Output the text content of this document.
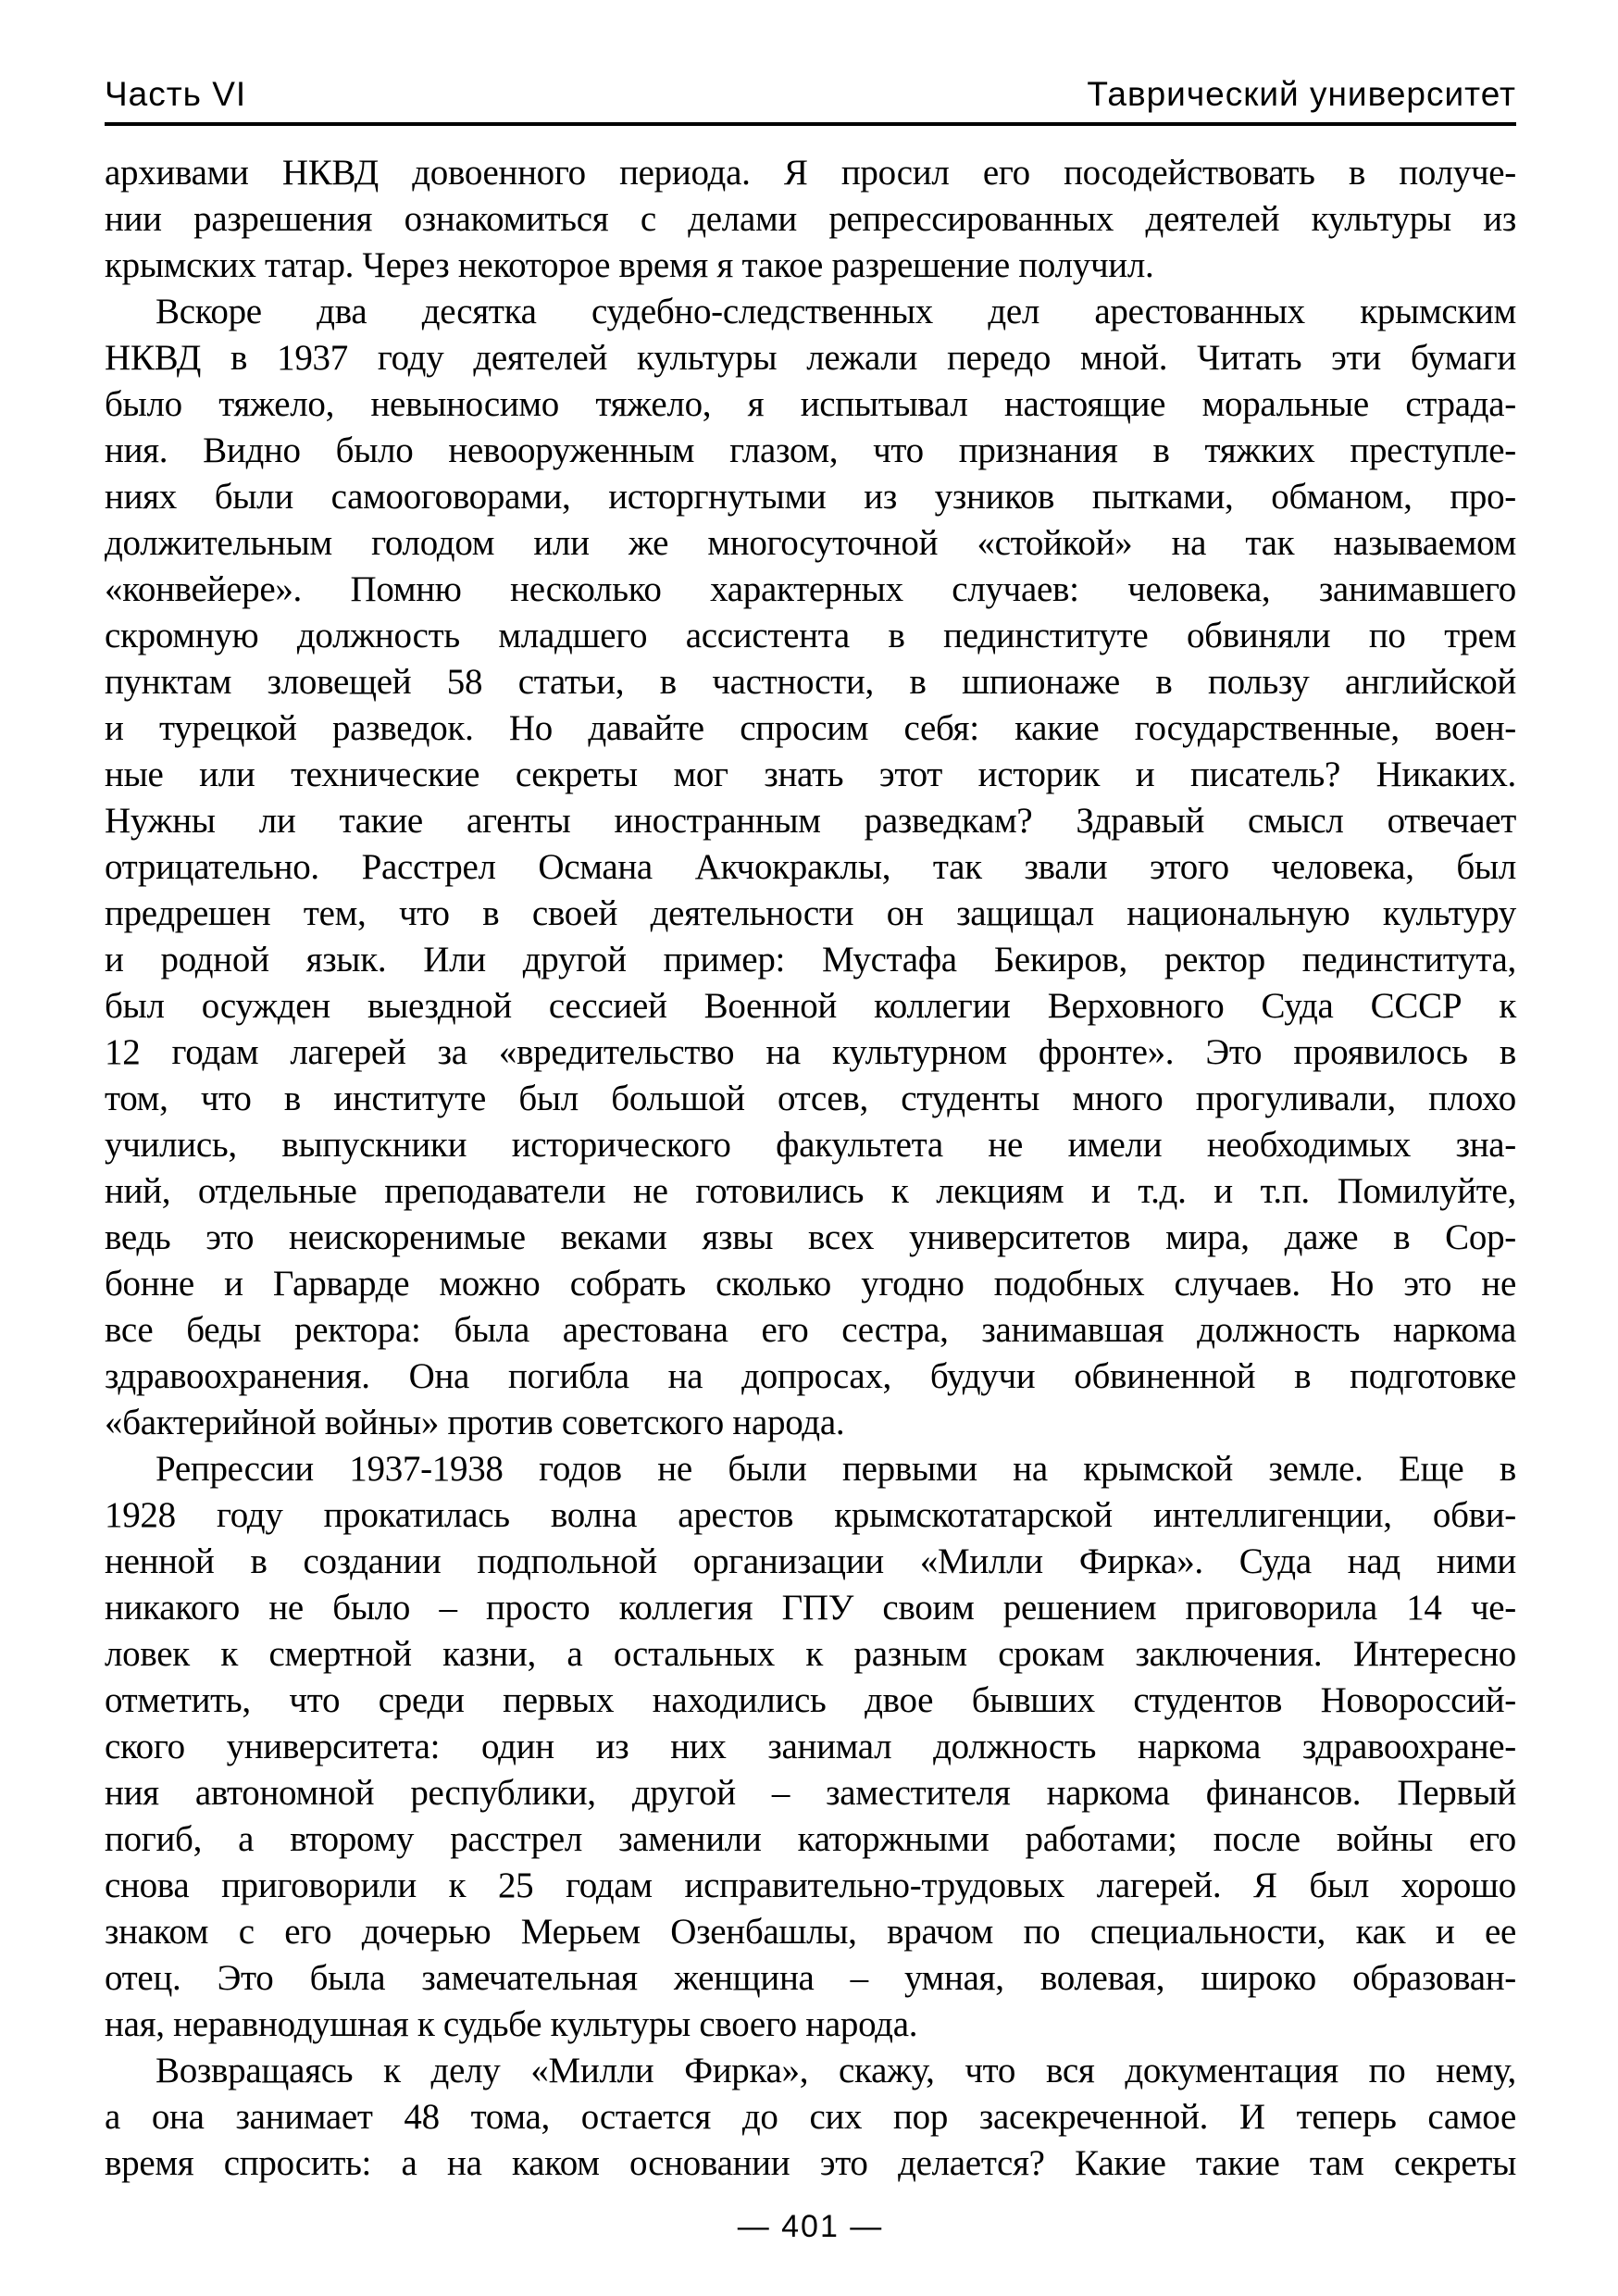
Часть VI	Таврический университет
архивами НКВД довоенного периода. Я просил его посодействовать в получе-
нии разрешения ознакомиться с делами репрессированных деятелей культуры из
крымских татар. Через некоторое время я такое разрешение получил.
Вскоре два десятка судебно-следственных дел арестованных крымским
НКВД в 1937 году деятелей культуры лежали передо мной. Читать эти бумаги
было тяжело, невыносимо тяжело, я испытывал настоящие моральные страда-
ния. Видно было невооруженным глазом, что признания в тяжких преступле-
ниях были самооговорами, исторгнутыми из узников пытками, обманом, про-
должительным голодом или же многосуточной «стойкой» на так называемом
«конвейере». Помню несколько характерных случаев: человека, занимавшего
скромную должность младшего ассистента в пединституте обвиняли по трем
пунктам зловещей 58 статьи, в частности, в шпионаже в пользу английской
и турецкой разведок. Но давайте спросим себя: какие государственные, воен-
ные или технические секреты мог знать этот историк и писатель? Никаких.
Нужны ли такие агенты иностранным разведкам? Здравый смысл отвечает
отрицательно. Расстрел Османа Акчокраклы, так звали этого человека, был
предрешен тем, что в своей деятельности он защищал национальную культуру
и родной язык. Или другой пример: Мустафа Бекиров, ректор пединститута,
был осужден выездной сессией Военной коллегии Верховного Суда СССР к
12 годам лагерей за «вредительство на культурном фронте». Это проявилось в
том, что в институте был большой отсев, студенты много прогуливали, плохо
учились, выпускники исторического факультета не имели необходимых зна-
ний, отдельные преподаватели не готовились к лекциям и т.д. и т.п. Помилуйте,
ведь это неискоренимые веками язвы всех университетов мира, даже в Сор-
бонне и Гарварде можно собрать сколько угодно подобных случаев. Но это не
все беды ректора: была арестована его сестра, занимавшая должность наркома
здравоохранения. Она погибла на допросах, будучи обвиненной в подготовке
«бактерийной войны» против советского народа.
Репрессии 1937-1938 годов не были первыми на крымской земле. Еще в
1928 году прокатилась волна арестов крымскотатарской интеллигенции, обви-
ненной в создании подпольной организации «Милли Фирка». Суда над ними
никакого не было – просто коллегия ГПУ своим решением приговорила 14 че-
ловек к смертной казни, а остальных к разным срокам заключения. Интересно
отметить, что среди первых находились двое бывших студентов Новороссий-
ского университета: один из них занимал должность наркома здравоохране-
ния автономной республики, другой – заместителя наркома финансов. Первый
погиб, а второму расстрел заменили каторжными работами; после войны его
снова приговорили к 25 годам исправительно-трудовых лагерей. Я был хорошо
знаком с его дочерью Мерьем Озенбашлы, врачом по специальности, как и ее
отец. Это была замечательная женщина – умная, волевая, широко образован-
ная, неравнодушная к судьбе культуры своего народа.
Возвращаясь к делу «Милли Фирка», скажу, что вся документация по нему,
а она занимает 48 тома, остается до сих пор засекреченной. И теперь самое
время спросить: а на каком основании это делается? Какие такие там секреты
— 401 —
